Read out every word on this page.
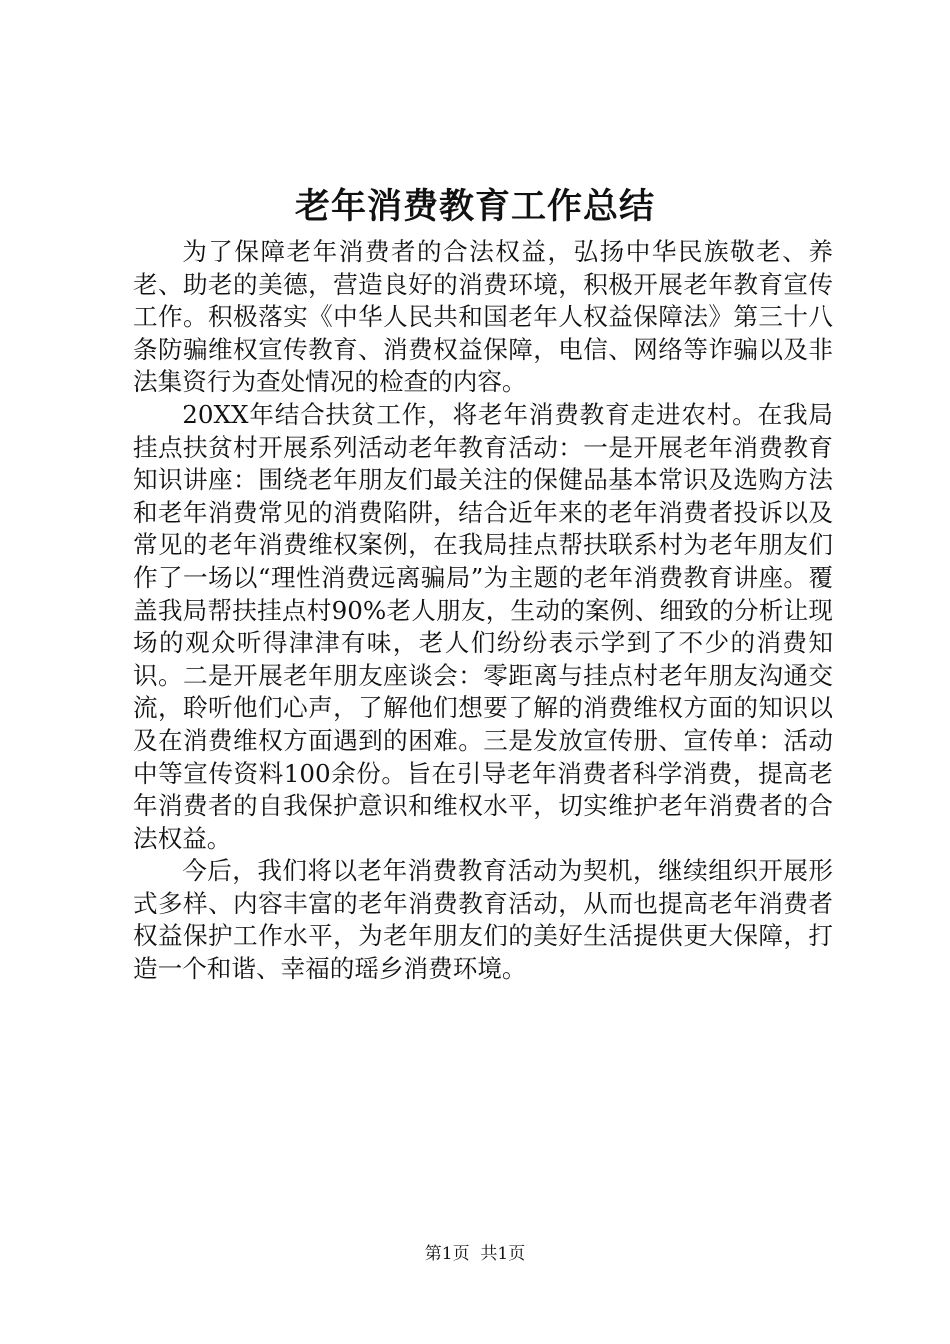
老年消费教育工作总结

为了保障老年消费者的合法权益，弘扬中华民族敬老、养老、助老的美德，营造良好的消费环境，积极开展老年教育宣传工作。积极落实《中华人民共和国老年人权益保障法》第三十八条防骗维权宣传教育、消费权益保障，电信、网络等诈骗以及非法集资行为查处情况的检查的内容。

20XX年结合扶贫工作，将老年消费教育走进农村。在我局挂点扶贫村开展系列活动老年教育活动：一是开展老年消费教育知识讲座：围绕老年朋友们最关注的保健品基本常识及选购方法和老年消费常见的消费陷阱，结合近年来的老年消费者投诉以及常见的老年消费维权案例，在我局挂点帮扶联系村为老年朋友们作了一场以“理性消费远离骗局”为主题的老年消费教育讲座。覆盖我局帮扶挂点村90%老人朋友，生动的案例、细致的分析让现场的观众听得津津有味，老人们纷纷表示学到了不少的消费知识。二是开展老年朋友座谈会：零距离与挂点村老年朋友沟通交流，聆听他们心声，了解他们想要了解的消费维权方面的知识以及在消费维权方面遇到的困难。三是发放宣传册、宣传单：活动中等宣传资料100余份。旨在引导老年消费者科学消费，提高老年消费者的自我保护意识和维权水平，切实维护老年消费者的合法权益。

今后，我们将以老年消费教育活动为契机，继续组织开展形式多样、内容丰富的老年消费教育活动，从而也提高老年消费者权益保护工作水平，为老年朋友们的美好生活提供更大保障，打造一个和谐、幸福的瑶乡消费环境。

第1页 共1页
